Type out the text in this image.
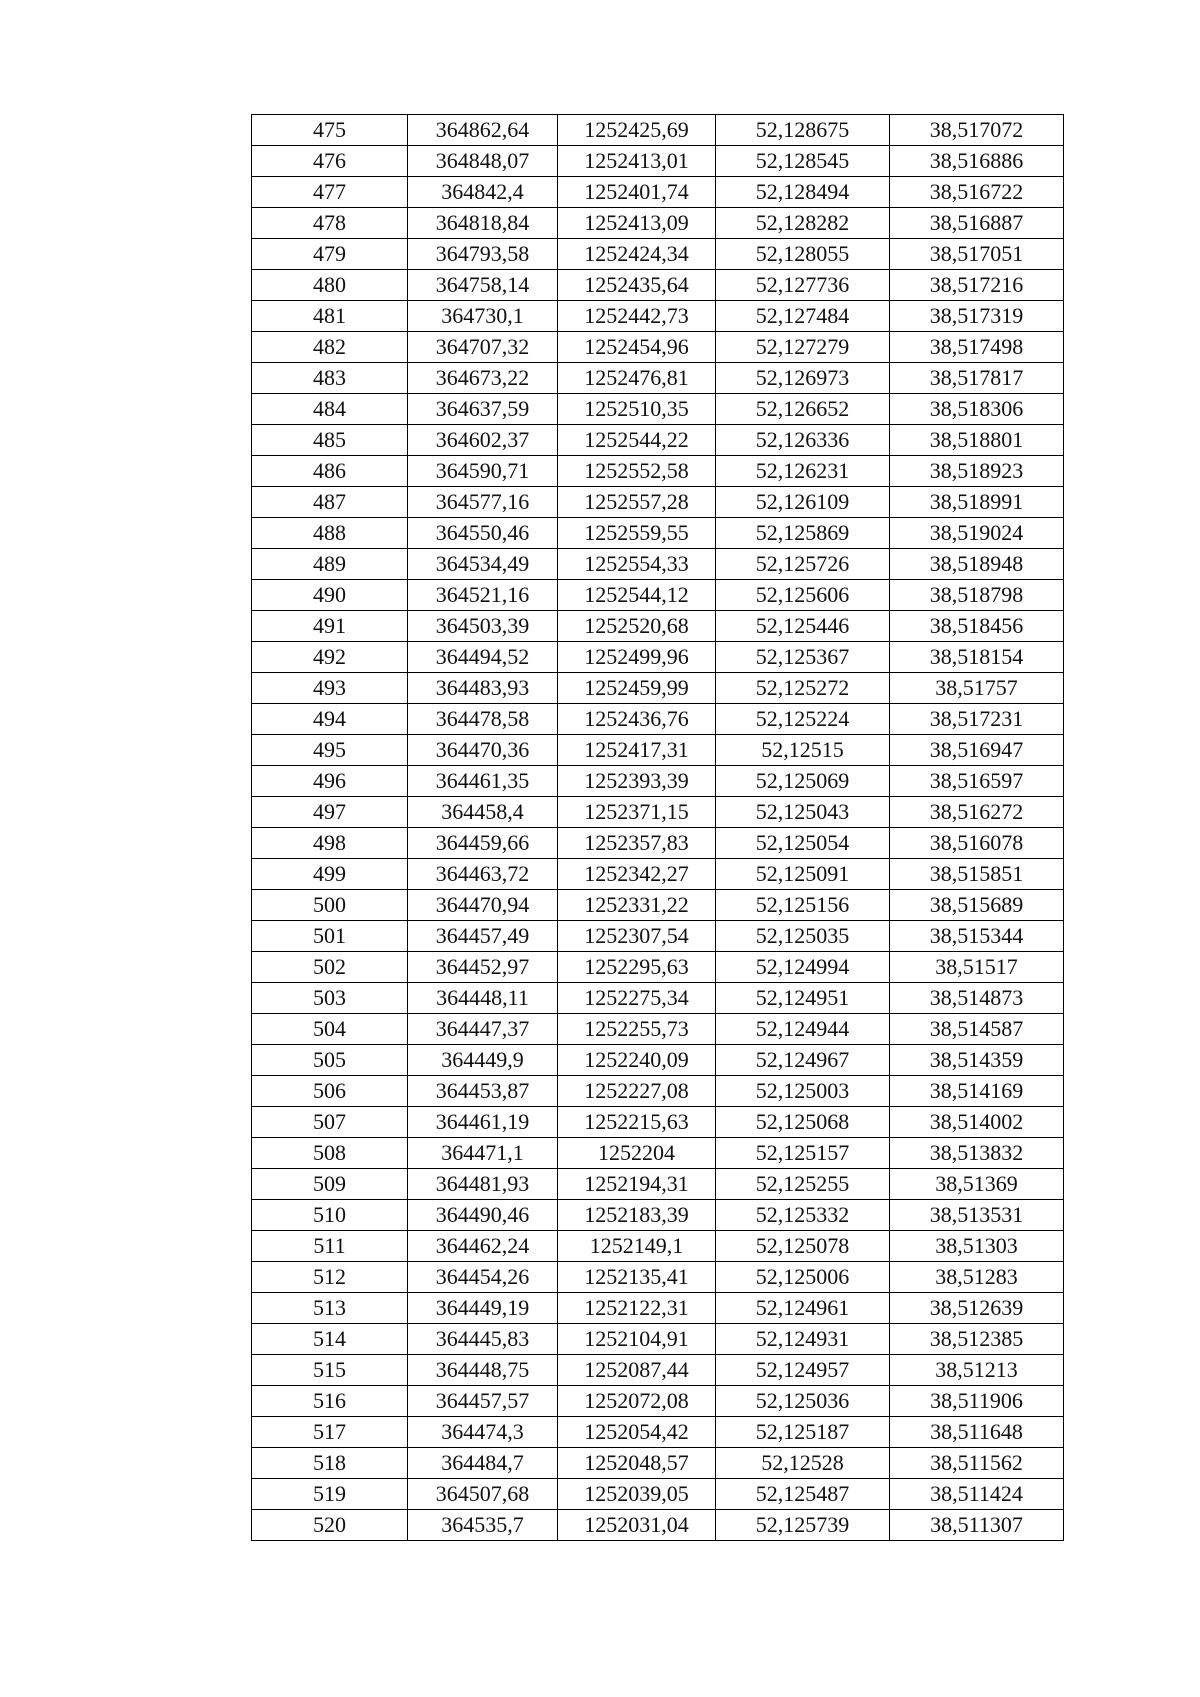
475	364862,64	1252425,69	52,128675	38,517072
476	364848,07	1252413,01	52,128545	38,516886
477	364842,4	1252401,74	52,128494	38,516722
478	364818,84	1252413,09	52,128282	38,516887
479	364793,58	1252424,34	52,128055	38,517051
480	364758,14	1252435,64	52,127736	38,517216
481	364730,1	1252442,73	52,127484	38,517319
482	364707,32	1252454,96	52,127279	38,517498
483	364673,22	1252476,81	52,126973	38,517817
484	364637,59	1252510,35	52,126652	38,518306
485	364602,37	1252544,22	52,126336	38,518801
486	364590,71	1252552,58	52,126231	38,518923
487	364577,16	1252557,28	52,126109	38,518991
488	364550,46	1252559,55	52,125869	38,519024
489	364534,49	1252554,33	52,125726	38,518948
490	364521,16	1252544,12	52,125606	38,518798
491	364503,39	1252520,68	52,125446	38,518456
492	364494,52	1252499,96	52,125367	38,518154
493	364483,93	1252459,99	52,125272	38,51757
494	364478,58	1252436,76	52,125224	38,517231
495	364470,36	1252417,31	52,12515	38,516947
496	364461,35	1252393,39	52,125069	38,516597
497	364458,4	1252371,15	52,125043	38,516272
498	364459,66	1252357,83	52,125054	38,516078
499	364463,72	1252342,27	52,125091	38,515851
500	364470,94	1252331,22	52,125156	38,515689
501	364457,49	1252307,54	52,125035	38,515344
502	364452,97	1252295,63	52,124994	38,51517
503	364448,11	1252275,34	52,124951	38,514873
504	364447,37	1252255,73	52,124944	38,514587
505	364449,9	1252240,09	52,124967	38,514359
506	364453,87	1252227,08	52,125003	38,514169
507	364461,19	1252215,63	52,125068	38,514002
508	364471,1	1252204	52,125157	38,513832
509	364481,93	1252194,31	52,125255	38,51369
510	364490,46	1252183,39	52,125332	38,513531
511	364462,24	1252149,1	52,125078	38,51303
512	364454,26	1252135,41	52,125006	38,51283
513	364449,19	1252122,31	52,124961	38,512639
514	364445,83	1252104,91	52,124931	38,512385
515	364448,75	1252087,44	52,124957	38,51213
516	364457,57	1252072,08	52,125036	38,511906
517	364474,3	1252054,42	52,125187	38,511648
518	364484,7	1252048,57	52,12528	38,511562
519	364507,68	1252039,05	52,125487	38,511424
520	364535,7	1252031,04	52,125739	38,511307
